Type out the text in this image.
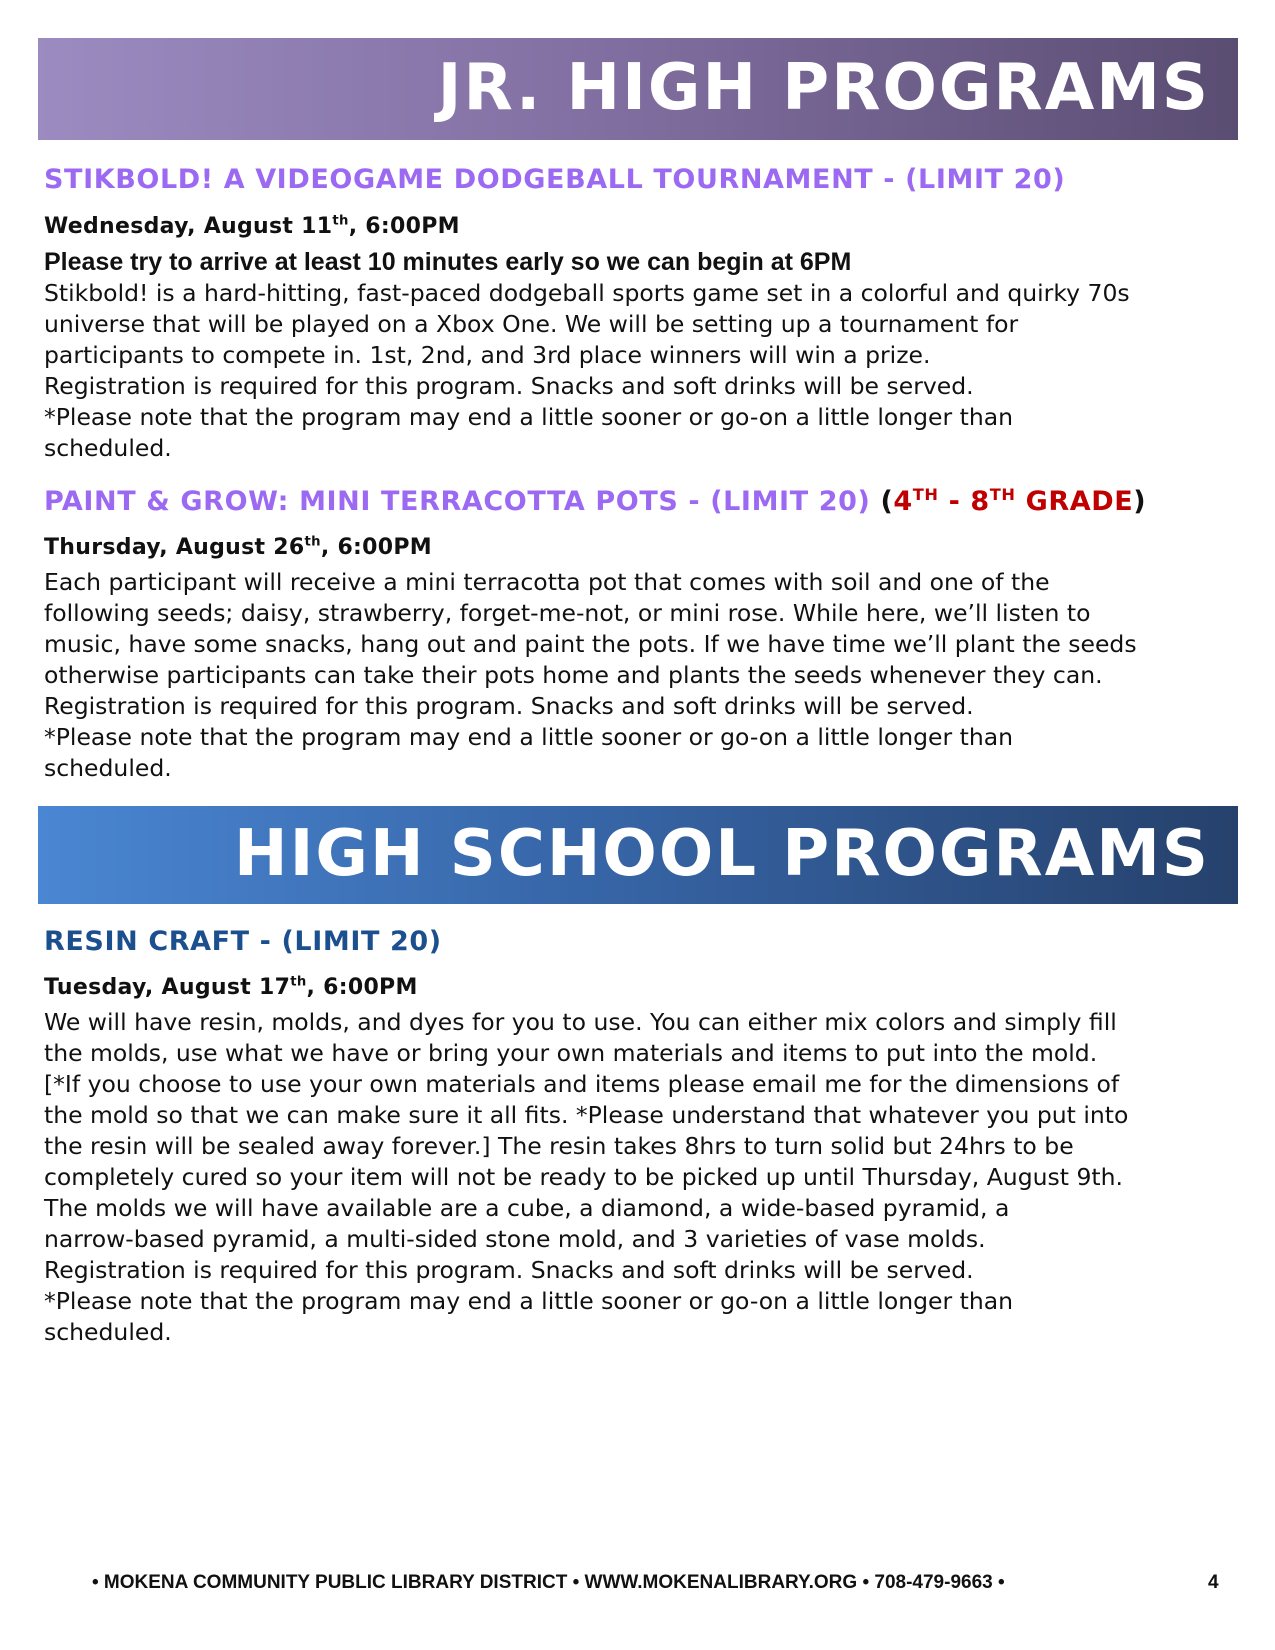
JR. HIGH PROGRAMS
STIKBOLD! A VIDEOGAME DODGEBALL TOURNAMENT - (LIMIT 20)
Wednesday, August 11th, 6:00PM
Please try to arrive at least 10 minutes early so we can begin at 6PM

Stikbold! is a hard-hitting, fast-paced dodgeball sports game set in a colorful and quirky 70s

universe that will be played on a Xbox One. We will be setting up a tournament for

participants to compete in. 1st, 2nd, and 3rd place winners will win a prize.

Registration is required for this program. Snacks and soft drinks will be served.

*Please note that the program may end a little sooner or go-on a little longer than

scheduled.

PAINT & GROW: MINI TERRACOTTA POTS - (LIMIT 20) (4TH - 8TH GRADE)
Thursday, August 26th, 6:00PM

Each participant will receive a mini terracotta pot that comes with soil and one of the

following seeds; daisy, strawberry, forget-me-not, or mini rose. While here, we’ll listen to

music, have some snacks, hang out and paint the pots. If we have time we’ll plant the seeds

otherwise participants can take their pots home and plants the seeds whenever they can.

Registration is required for this program. Snacks and soft drinks will be served.

*Please note that the program may end a little sooner or go-on a little longer than

scheduled.

HIGH SCHOOL PROGRAMS
RESIN CRAFT - (LIMIT 20)
Tuesday, August 17th, 6:00PM

We will have resin, molds, and dyes for you to use. You can either mix colors and simply fill

the molds, use what we have or bring your own materials and items to put into the mold.

[*If you choose to use your own materials and items please email me for the dimensions of

the mold so that we can make sure it all fits. *Please understand that whatever you put into

the resin will be sealed away forever.] The resin takes 8hrs to turn solid but 24hrs to be

completely cured so your item will not be ready to be picked up until Thursday, August 9th.

The molds we will have available are a cube, a diamond, a wide-based pyramid, a

narrow-based pyramid, a multi-sided stone mold, and 3 varieties of vase molds.

Registration is required for this program. Snacks and soft drinks will be served.

*Please note that the program may end a little sooner or go-on a little longer than

scheduled.

• MOKENA COMMUNITY PUBLIC LIBRARY DISTRICT • WWW.MOKENALIBRARY.ORG • 708-479-9663 •	4
